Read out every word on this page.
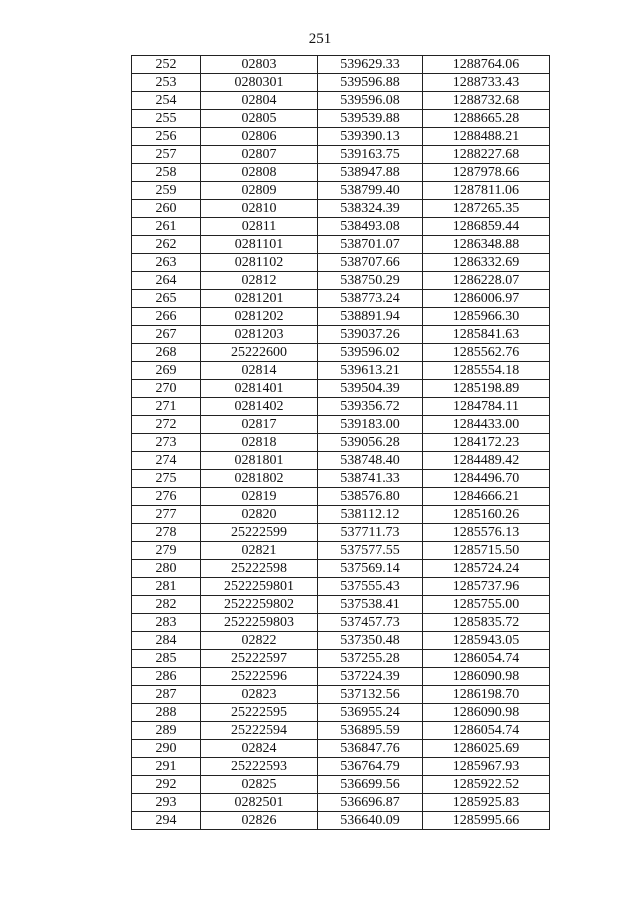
251
252	02803	539629.33	1288764.06
253	0280301	539596.88	1288733.43
254	02804	539596.08	1288732.68
255	02805	539539.88	1288665.28
256	02806	539390.13	1288488.21
257	02807	539163.75	1288227.68
258	02808	538947.88	1287978.66
259	02809	538799.40	1287811.06
260	02810	538324.39	1287265.35
261	02811	538493.08	1286859.44
262	0281101	538701.07	1286348.88
263	0281102	538707.66	1286332.69
264	02812	538750.29	1286228.07
265	0281201	538773.24	1286006.97
266	0281202	538891.94	1285966.30
267	0281203	539037.26	1285841.63
268	25222600	539596.02	1285562.76
269	02814	539613.21	1285554.18
270	0281401	539504.39	1285198.89
271	0281402	539356.72	1284784.11
272	02817	539183.00	1284433.00
273	02818	539056.28	1284172.23
274	0281801	538748.40	1284489.42
275	0281802	538741.33	1284496.70
276	02819	538576.80	1284666.21
277	02820	538112.12	1285160.26
278	25222599	537711.73	1285576.13
279	02821	537577.55	1285715.50
280	25222598	537569.14	1285724.24
281	2522259801	537555.43	1285737.96
282	2522259802	537538.41	1285755.00
283	2522259803	537457.73	1285835.72
284	02822	537350.48	1285943.05
285	25222597	537255.28	1286054.74
286	25222596	537224.39	1286090.98
287	02823	537132.56	1286198.70
288	25222595	536955.24	1286090.98
289	25222594	536895.59	1286054.74
290	02824	536847.76	1286025.69
291	25222593	536764.79	1285967.93
292	02825	536699.56	1285922.52
293	0282501	536696.87	1285925.83
294	02826	536640.09	1285995.66
